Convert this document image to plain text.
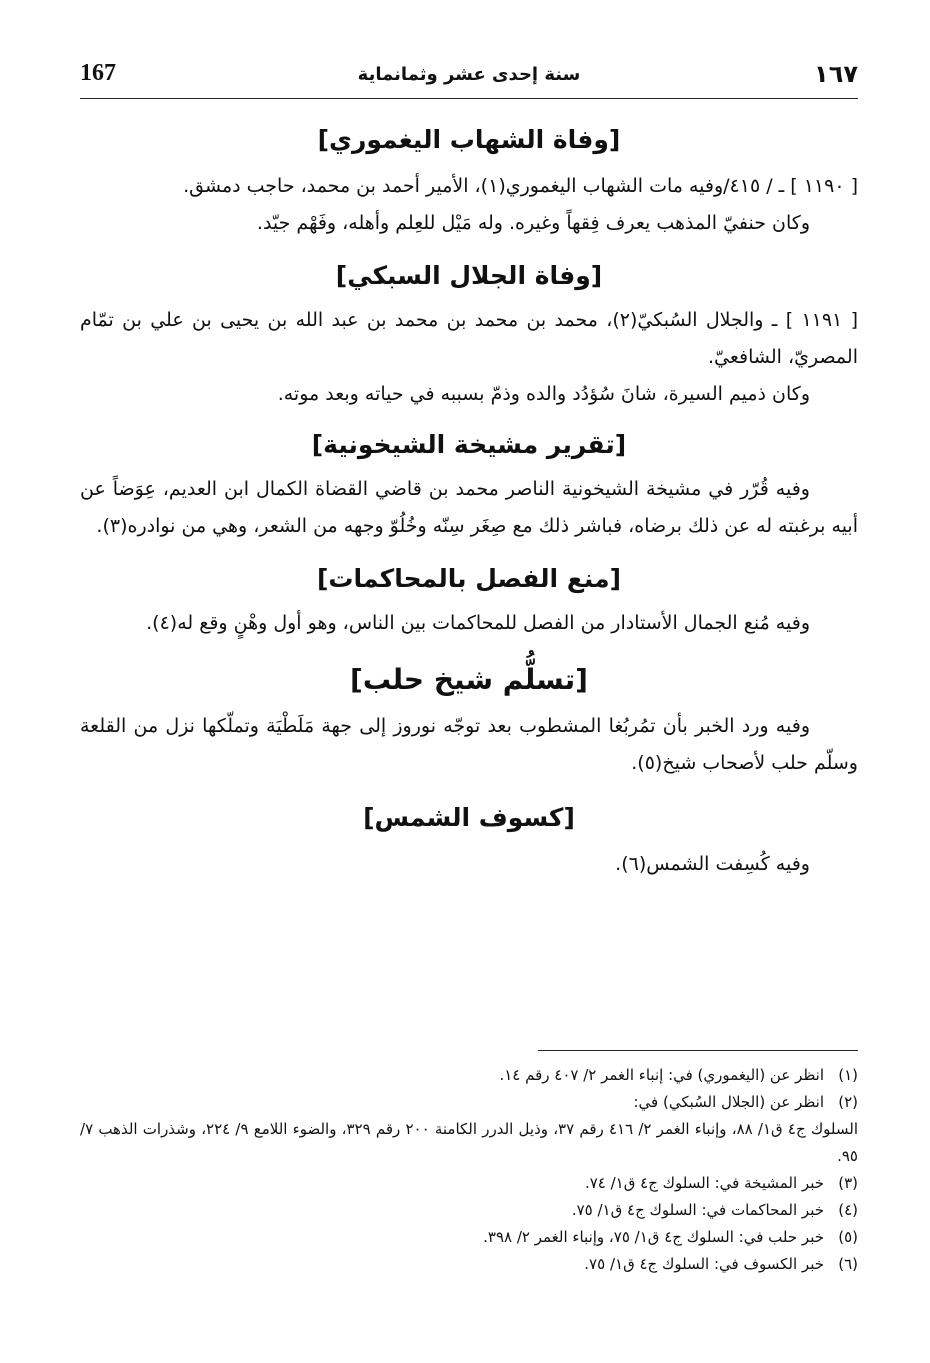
167	سنة إحدى عشر وثمانماية	١٦٧
[وفاة الشهاب اليغموري]

[ ١١٩٠ ] ـ / ٤١٥/وفيه مات الشهاب اليغموري(١)، الأمير أحمد بن محمد، حاجب دمشق.

وكان حنفيّ المذهب يعرف فِقهاً وغيره. وله مَيْل للعِلم وأهله، وفَهْم جيّد.

[وفاة الجلال السبكي]

[ ١١٩١ ] ـ والجلال السُبكيّ(٢)، محمد بن محمد بن محمد بن عبد الله بن يحيى بن علي بن تمّام المصريّ، الشافعيّ.

وكان ذميم السيرة، شانَ سُؤدُد والده وذمّ بسببه في حياته وبعد موته.

[تقرير مشيخة الشيخونية]

وفيه قُرّر في مشيخة الشيخونية الناصر محمد بن قاضي القضاة الكمال ابن العديم، عِوَضاً عن أبيه برغبته له عن ذلك برضاه، فباشر ذلك مع صِغَر سِنّه وخُلُوّ وجهه من الشعر، وهي من نوادره(٣).

[منع الفصل بالمحاكمات]

وفيه مُنع الجمال الأستادار من الفصل للمحاكمات بين الناس، وهو أول وهْنٍ وقع له(٤).

[تسلُّم شيخ حلب]

وفيه ورد الخبر بأن تمُربُغا المشطوب بعد توجّه نوروز إلى جهة مَلَطْيَة وتملّكها نزل من القلعة وسلّم حلب لأصحاب شيخ(٥).

[كسوف الشمس]

وفيه كُسِفت الشمس(٦).

(١)انظر عن (اليغموري) في: إنباء الغمر ٢/ ٤٠٧ رقم ١٤.

(٢)انظر عن (الجلال السُبكي) في:

السلوك ج٤ ق١/ ٨٨، وإنباء الغمر ٢/ ٤١٦ رقم ٣٧، وذيل الدرر الكامنة ٢٠٠ رقم ٣٢٩، والضوء اللامع ٩/ ٢٢٤، وشذرات الذهب ٧/ ٩٥.

(٣)خبر المشيخة في: السلوك ج٤ ق١/ ٧٤.

(٤)خبر المحاكمات في: السلوك ج٤ ق١/ ٧٥.

(٥)خبر حلب في: السلوك ج٤ ق١/ ٧٥، وإنباء الغمر ٢/ ٣٩٨.

(٦)خبر الكسوف في: السلوك ج٤ ق١/ ٧٥.
